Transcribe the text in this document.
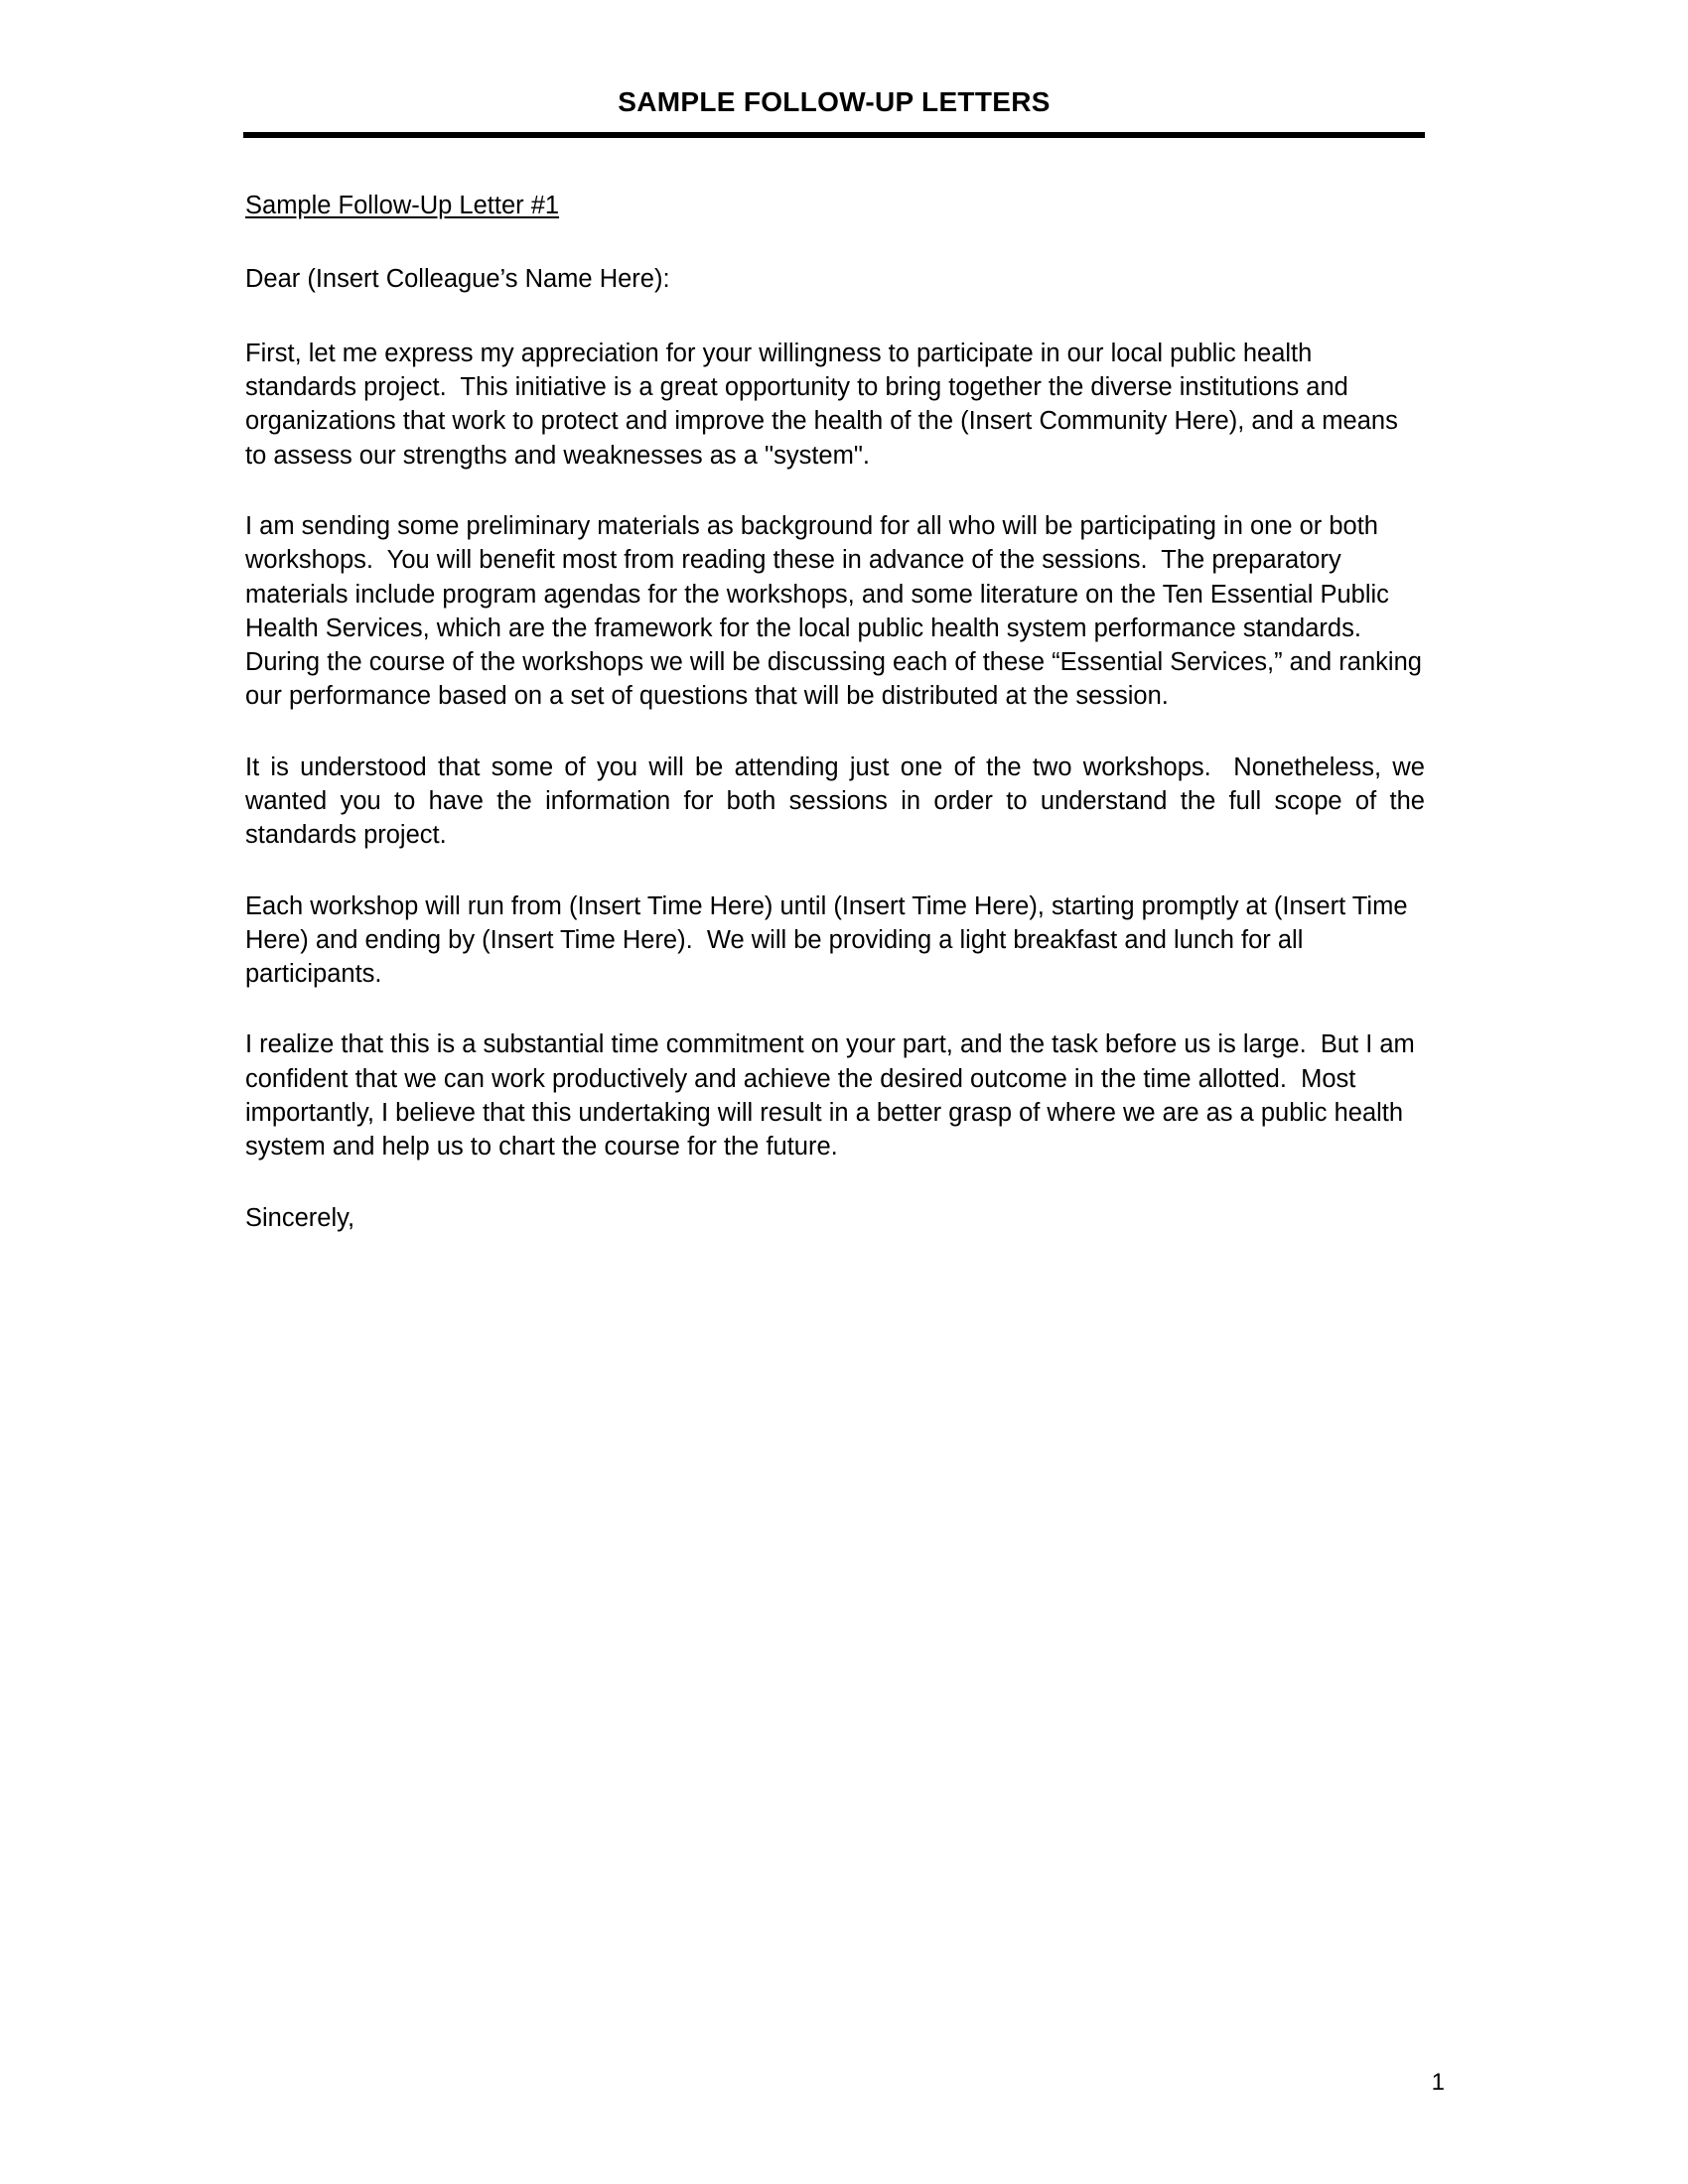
SAMPLE FOLLOW-UP LETTERS
Sample Follow-Up Letter #1

Dear (Insert Colleague’s Name Here):

First, let me express my appreciation for your willingness to participate in our local public health standards project.  This initiative is a great opportunity to bring together the diverse institutions and organizations that work to protect and improve the health of the (Insert Community Here), and a means to assess our strengths and weaknesses as a "system".

I am sending some preliminary materials as background for all who will be participating in one or both workshops.  You will benefit most from reading these in advance of the sessions.  The preparatory materials include program agendas for the workshops, and some literature on the Ten Essential Public Health Services, which are the framework for the local public health system performance standards.  During the course of the workshops we will be discussing each of these “Essential Services,” and ranking our performance based on a set of questions that will be distributed at the session.

It is understood that some of you will be attending just one of the two workshops.  Nonetheless, we wanted you to have the information for both sessions in order to understand the full scope of the standards project.

Each workshop will run from (Insert Time Here) until (Insert Time Here), starting promptly at (Insert Time Here) and ending by (Insert Time Here).  We will be providing a light breakfast and lunch for all participants.

I realize that this is a substantial time commitment on your part, and the task before us is large.  But I am confident that we can work productively and achieve the desired outcome in the time allotted.  Most importantly, I believe that this undertaking will result in a better grasp of where we are as a public health system and help us to chart the course for the future.

Sincerely,

1
